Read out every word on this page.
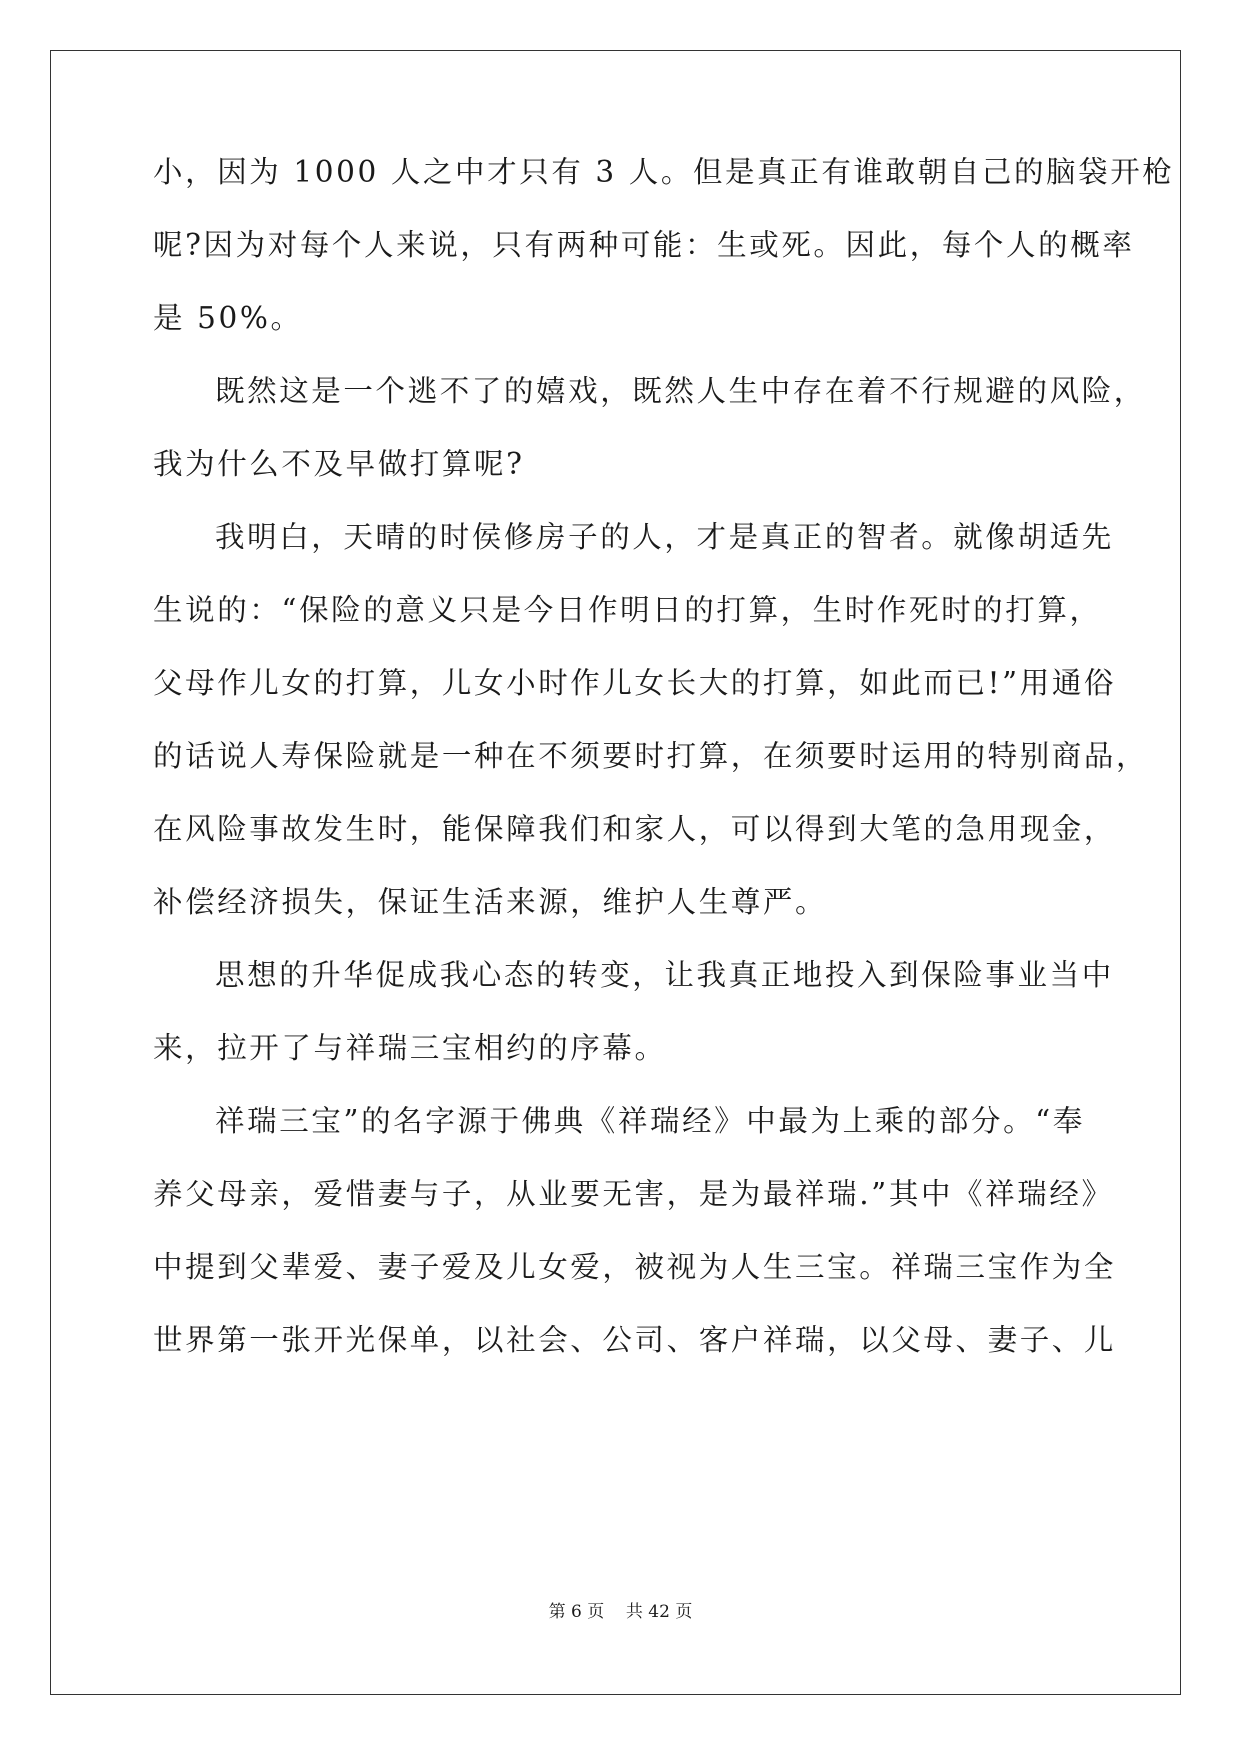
小，因为 1000 人之中才只有 3 人。但是真正有谁敢朝自己的脑袋开枪
呢?因为对每个人来说，只有两种可能：生或死。因此，每个人的概率
是 50%。
既然这是一个逃不了的嬉戏，既然人生中存在着不行规避的风险，
我为什么不及早做打算呢?
我明白，天晴的时侯修房子的人，才是真正的智者。就像胡适先
生说的：“保险的意义只是今日作明日的打算，生时作死时的打算，
父母作儿女的打算，儿女小时作儿女长大的打算，如此而已!”用通俗
的话说人寿保险就是一种在不须要时打算，在须要时运用的特别商品，
在风险事故发生时，能保障我们和家人，可以得到大笔的急用现金，
补偿经济损失，保证生活来源，维护人生尊严。
思想的升华促成我心态的转变，让我真正地投入到保险事业当中
来，拉开了与祥瑞三宝相约的序幕。
祥瑞三宝”的名字源于佛典《祥瑞经》中最为上乘的部分。“奉
养父母亲，爱惜妻与子，从业要无害，是为最祥瑞.”其中《祥瑞经》
中提到父辈爱、妻子爱及儿女爱，被视为人生三宝。祥瑞三宝作为全
世界第一张开光保单，以社会、公司、客户祥瑞，以父母、妻子、儿
第 6 页    共 42 页
